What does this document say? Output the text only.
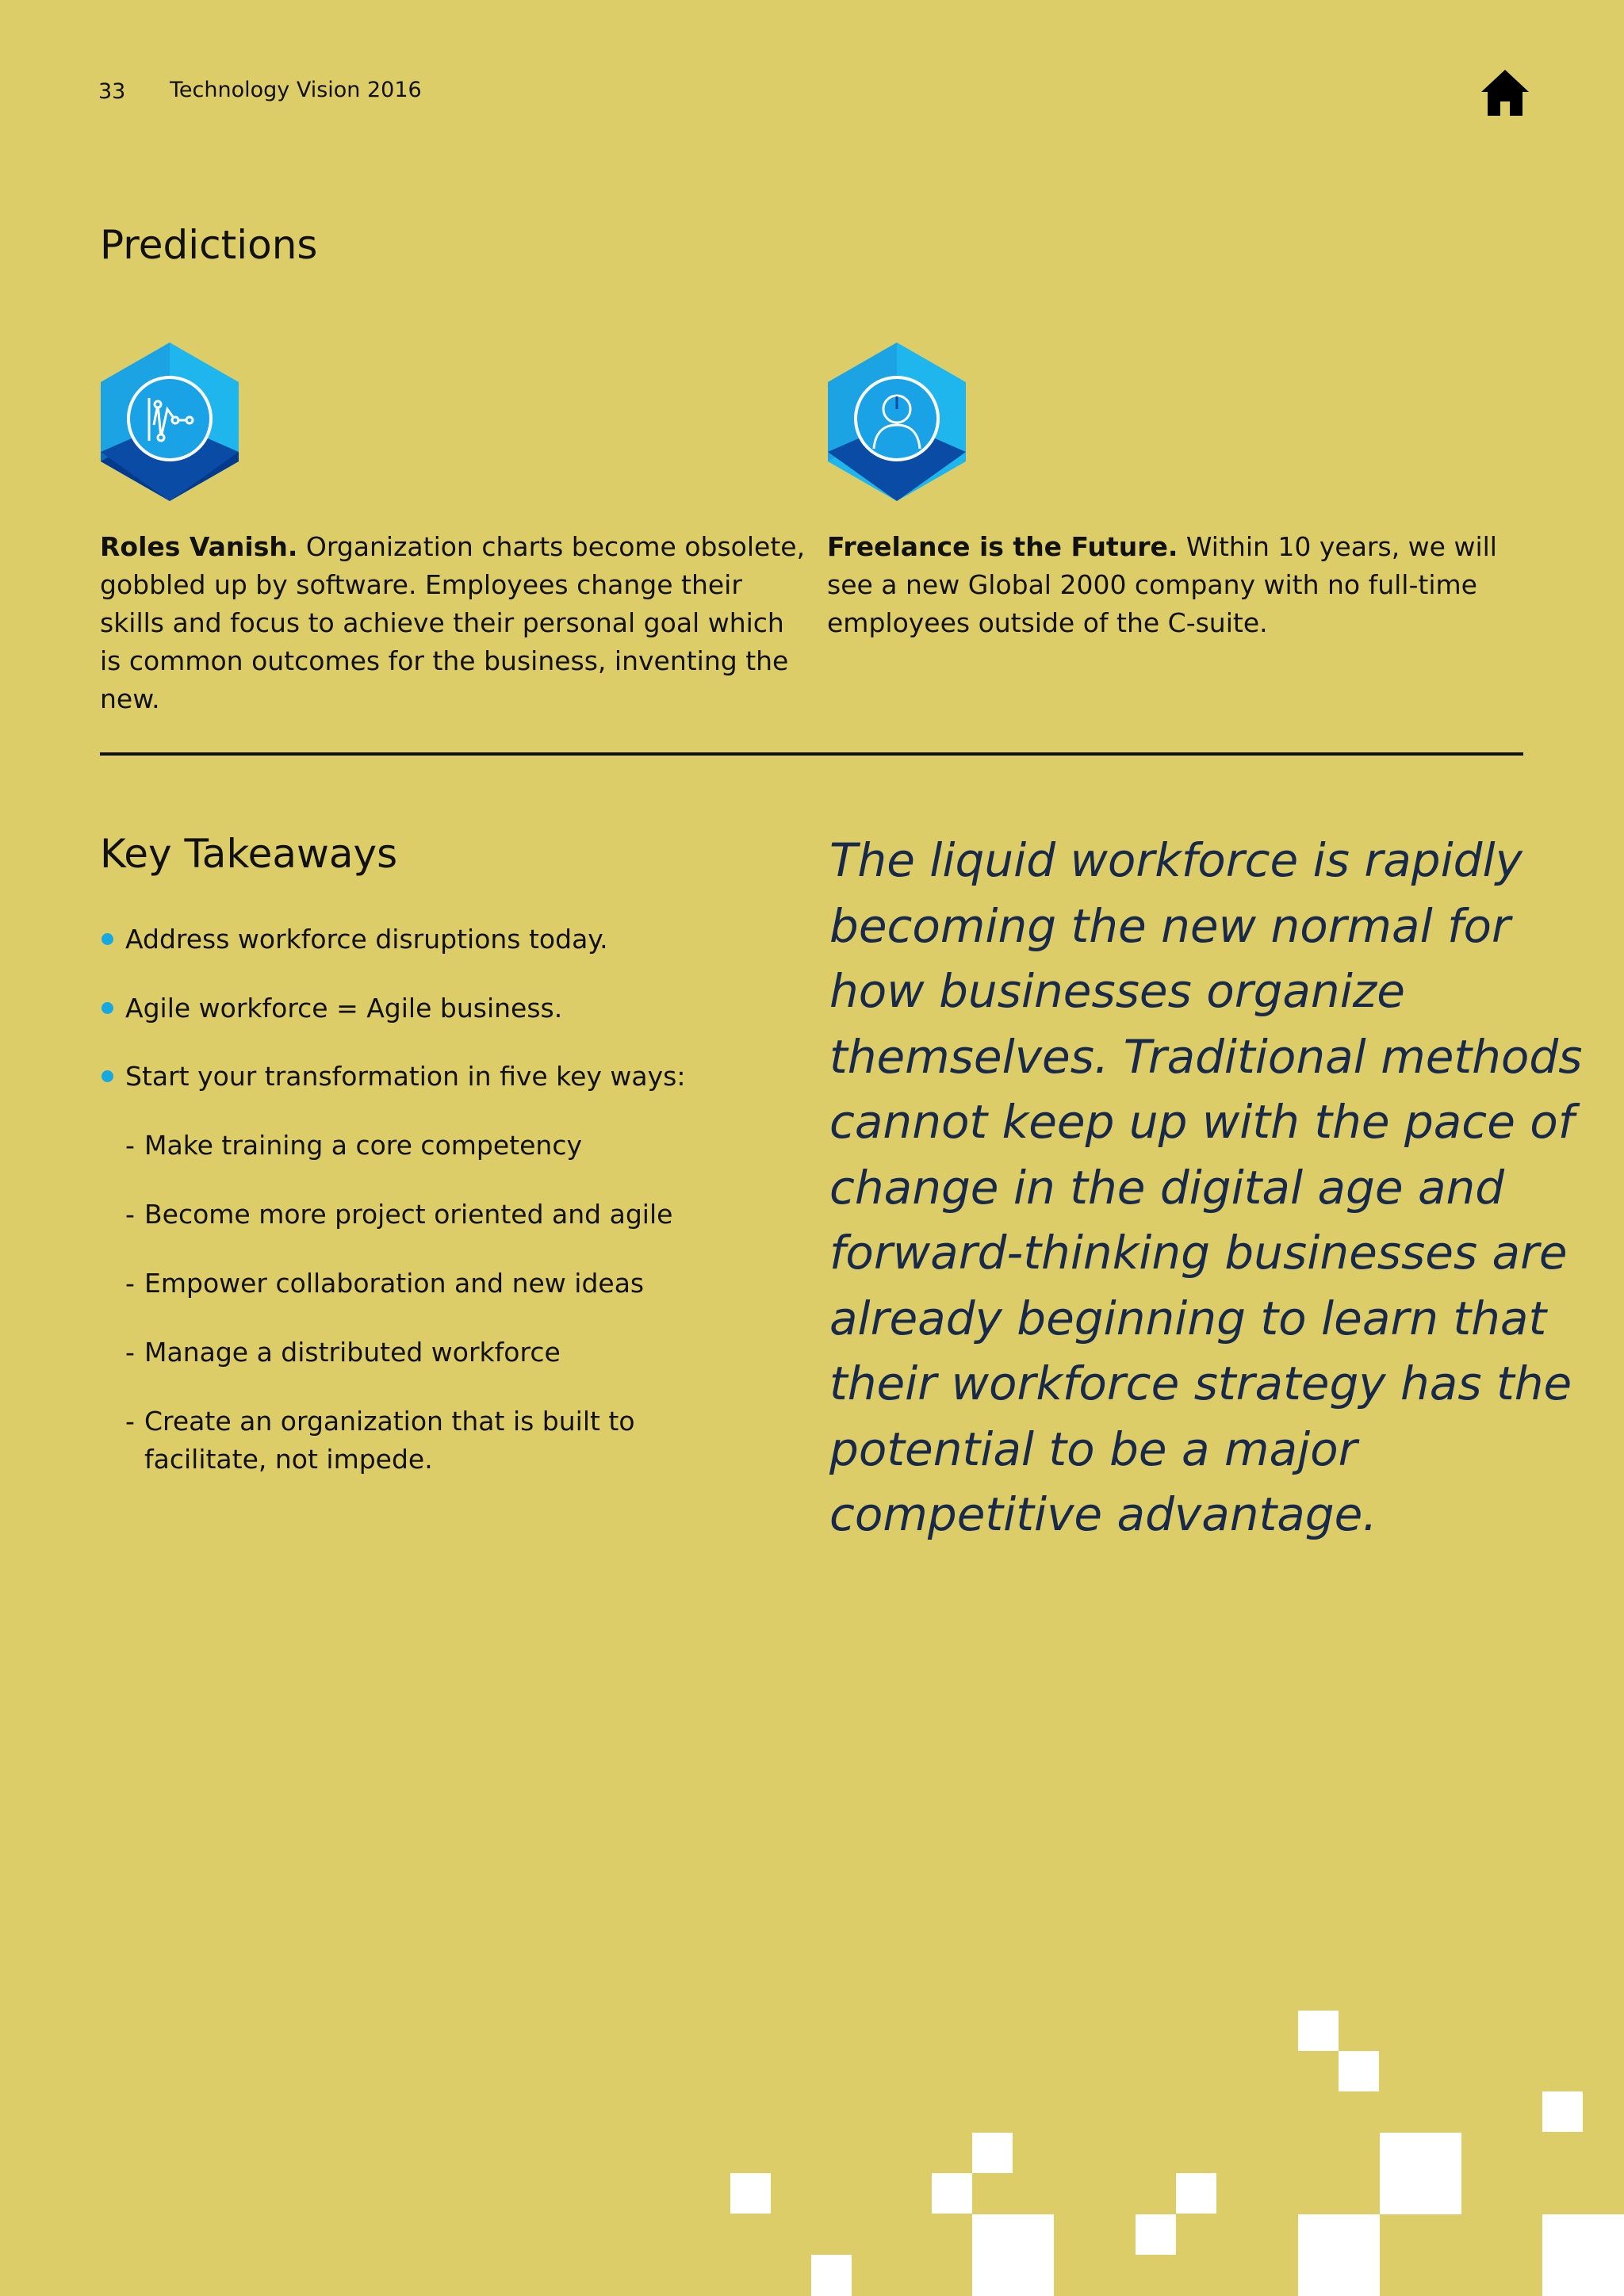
33 Technology Vision 2016
Predictions
Roles Vanish. Organization charts become obsolete, gobbled up by software. Employees change their skills and focus to achieve their personal goal which is common outcomes for the business, inventing the new.
Freelance is the Future. Within 10 years, we will see a new Global 2000 company with no full-time employees outside of the C-suite.
Key Takeaways
Address workforce disruptions today.
Agile workforce = Agile business.
Start your transformation in five key ways:
- Make training a core competency
- Become more project oriented and agile
- Empower collaboration and new ideas
- Manage a distributed workforce
- Create an organization that is built to facilitate, not impede.
The liquid workforce is rapidly becoming the new normal for how businesses organize themselves. Traditional methods cannot keep up with the pace of change in the digital age and forward-thinking businesses are already beginning to learn that their workforce strategy has the potential to be a major competitive advantage.
